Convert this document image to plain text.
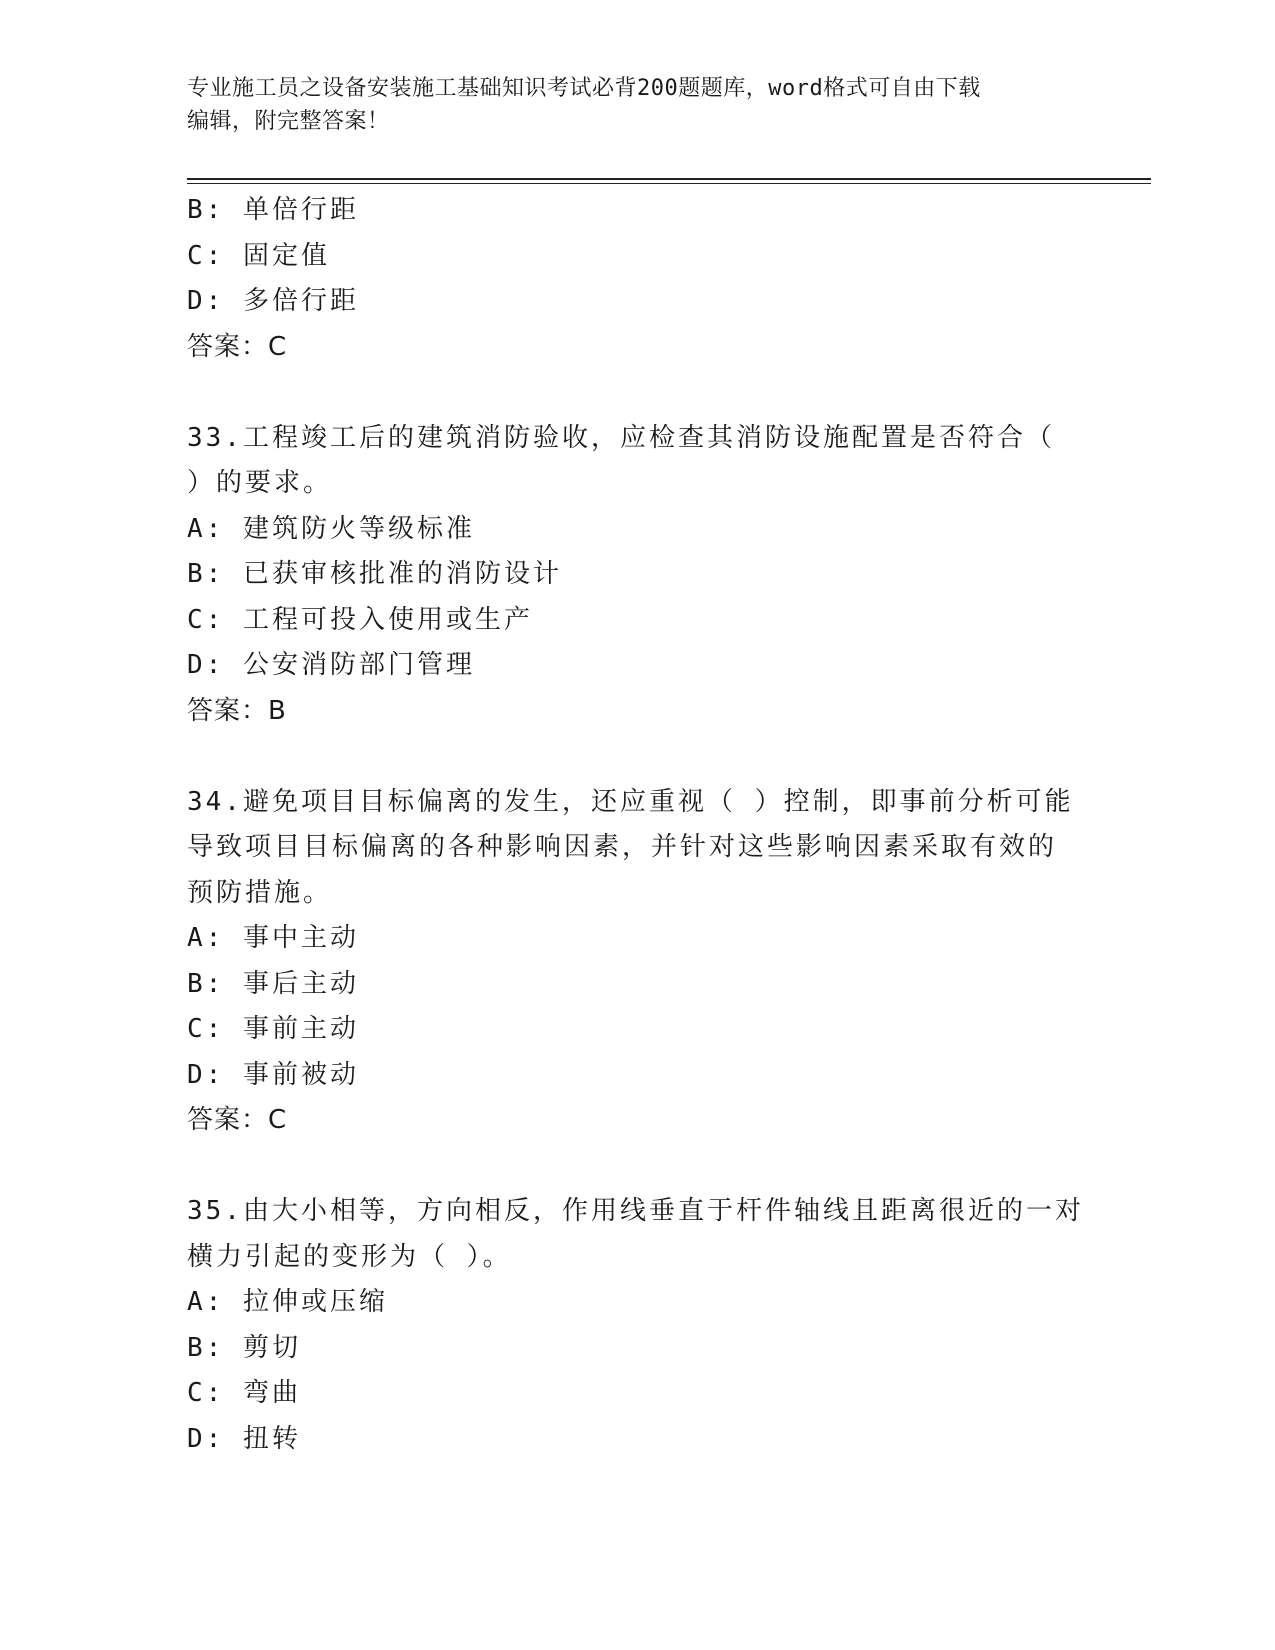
专业施工员之设备安装施工基础知识考试必背200题题库，word格式可自由下载
编辑，附完整答案！
B: 单倍行距
C: 固定值
D: 多倍行距
答案：C
33.工程竣工后的建筑消防验收，应检查其消防设施配置是否符合（
）的要求。
A: 建筑防火等级标准
B: 已获审核批准的消防设计
C: 工程可投入使用或生产
D: 公安消防部门管理
答案：B
34.避免项目目标偏离的发生，还应重视（ ）控制，即事前分析可能
导致项目目标偏离的各种影响因素，并针对这些影响因素采取有效的
预防措施。
A: 事中主动
B: 事后主动
C: 事前主动
D: 事前被动
答案：C
35.由大小相等，方向相反，作用线垂直于杆件轴线且距离很近的一对
横力引起的变形为（ ）。
A: 拉伸或压缩
B: 剪切
C: 弯曲
D: 扭转
